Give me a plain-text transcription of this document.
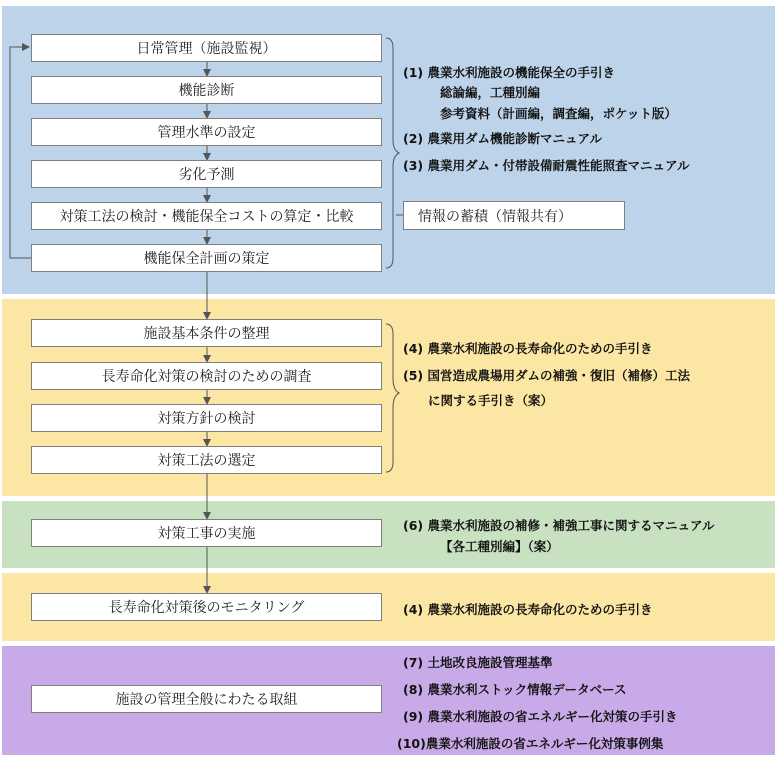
日常管理（施設監視）
機能診断
管理水準の設定
劣化予測
対策工法の検討・機能保全コストの算定・比較
機能保全計画の策定
(1) 農業水利施設の機能保全の手引き
総論編，工種別編
参考資料（計画編，調査編，ポケット版）
(2) 農業用ダム機能診断マニュアル
(3) 農業用ダム・付帯設備耐震性能照査マニュアル
情報の蓄積（情報共有）
施設基本条件の整理
長寿命化対策の検討のための調査
対策方針の検討
対策工法の選定
(4) 農業水利施設の長寿命化のための手引き
(5) 国営造成農場用ダムの補強・復旧（補修）工法
に関する手引き（案）
対策工事の実施
(6) 農業水利施設の補修・補強工事に関するマニュアル
【各工種別編】（案）
長寿命化対策後のモニタリング	(4) 農業水利施設の長寿命化のための手引き
施設の管理全般にわたる取組
(7) 土地改良施設管理基準
(8) 農業水利ストック情報データベース
(9) 農業水利施設の省エネルギー化対策の手引き
(10)農業水利施設の省エネルギー化対策事例集
